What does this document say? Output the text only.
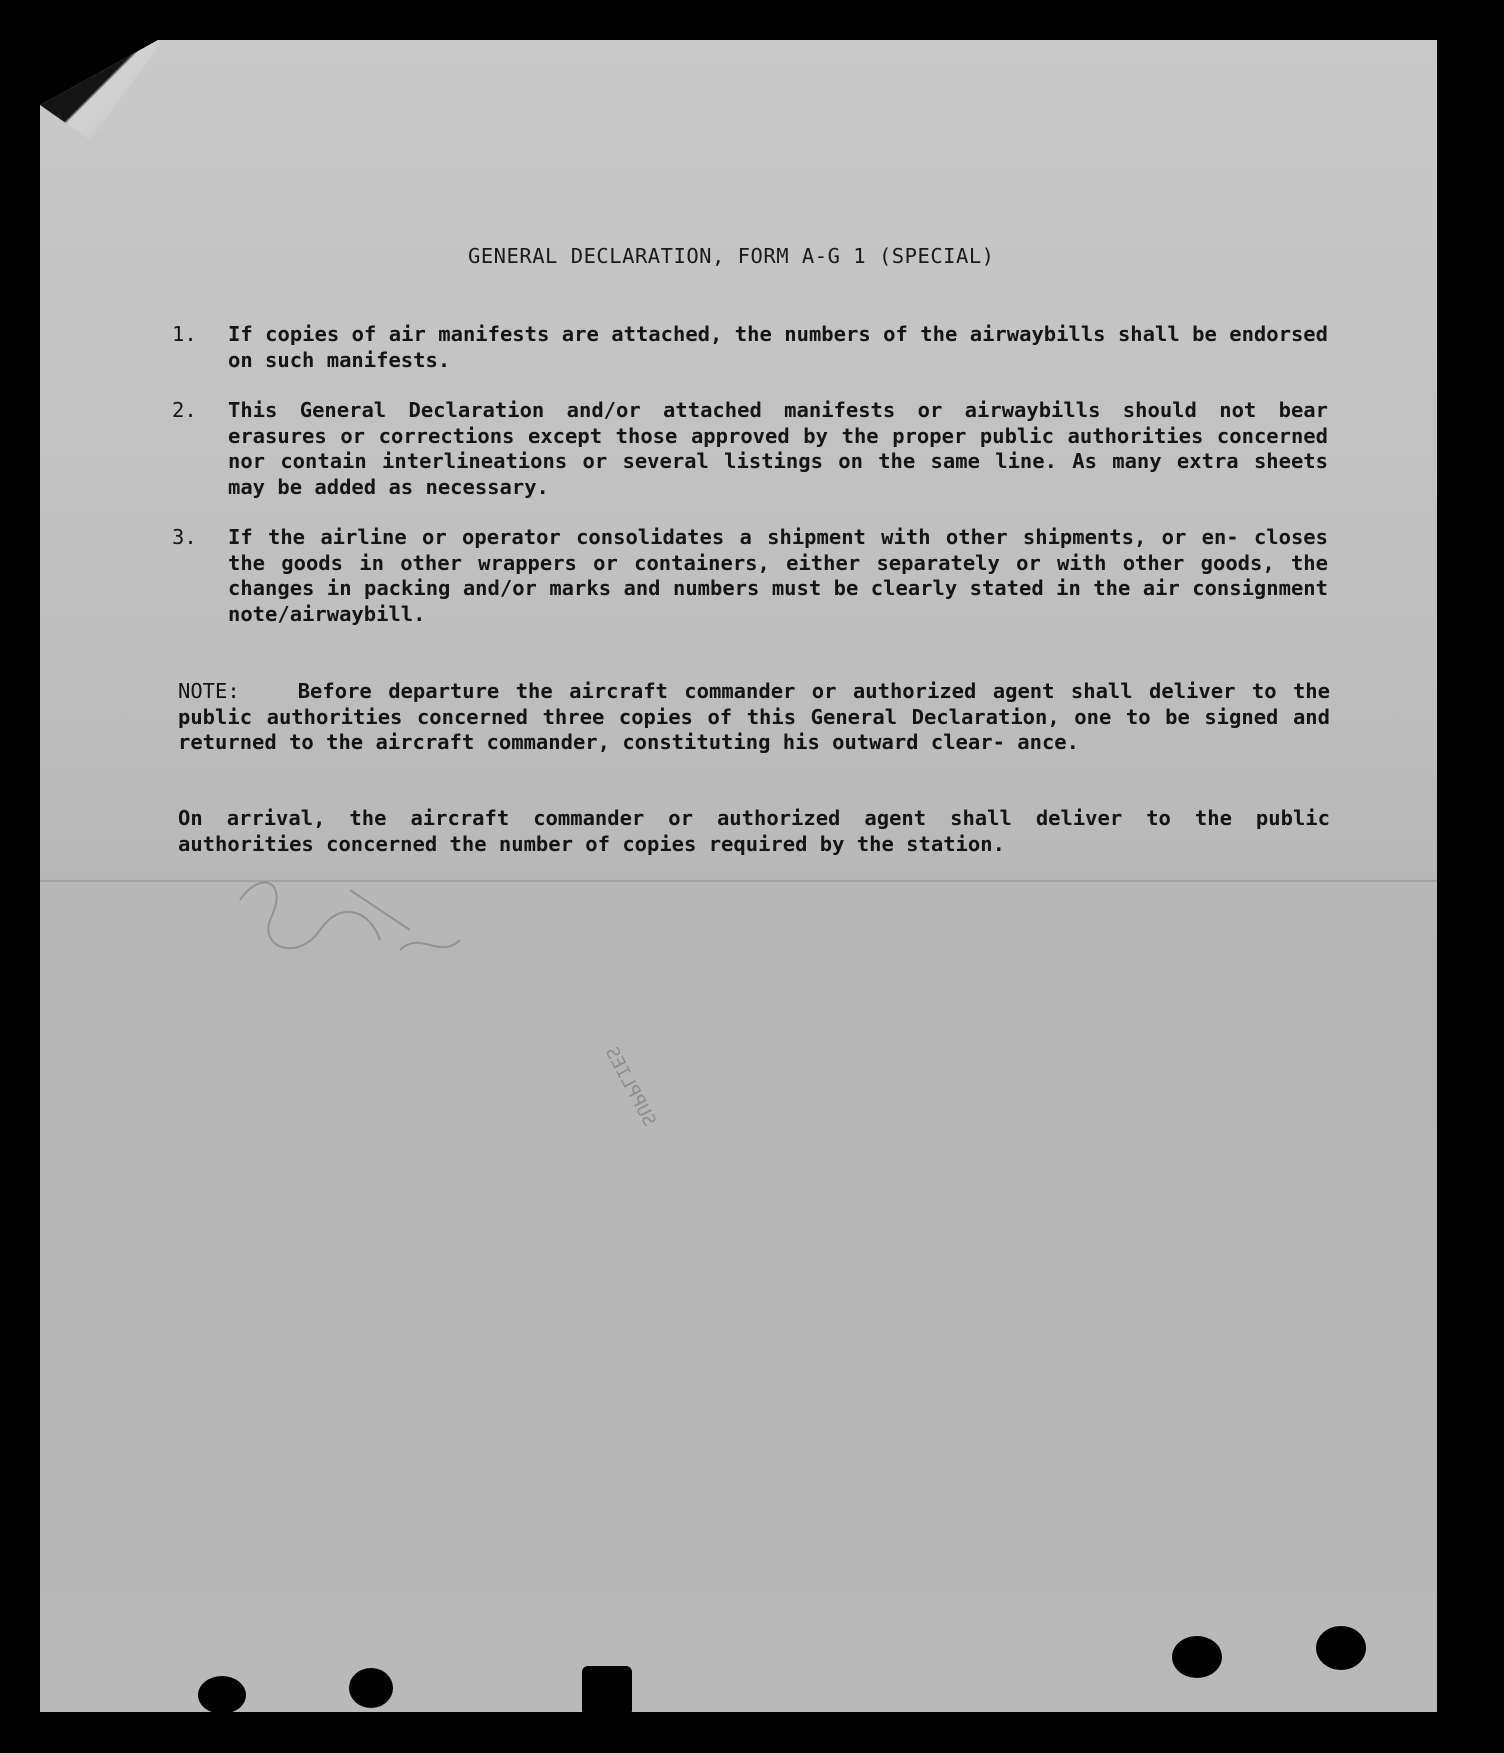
GENERAL DECLARATION, FORM A-G 1 (SPECIAL)
1.	If copies of air manifests are attached, the numbers of the airwaybills shall be endorsed on such manifests.
2.	This General Declaration and/or attached manifests or airwaybills should not bear erasures or corrections except those approved by the proper public authorities concerned nor contain interlineations or several listings on the same line. As many extra sheets may be added as necessary.
3.	If the airline or operator consolidates a shipment with other shipments, or en- closes the goods in other wrappers or containers, either separately or with other goods, the changes in packing and/or marks and numbers must be clearly stated in the air consignment note/airwaybill.
NOTE:	Before departure the aircraft commander or authorized agent shall deliver to the public authorities concerned three copies of this General Declaration, one to be signed and returned to the aircraft commander, constituting his outward clear- ance.
On arrival, the aircraft commander or authorized agent shall deliver to the public authorities concerned the number of copies required by the station.
SUPPLIES
